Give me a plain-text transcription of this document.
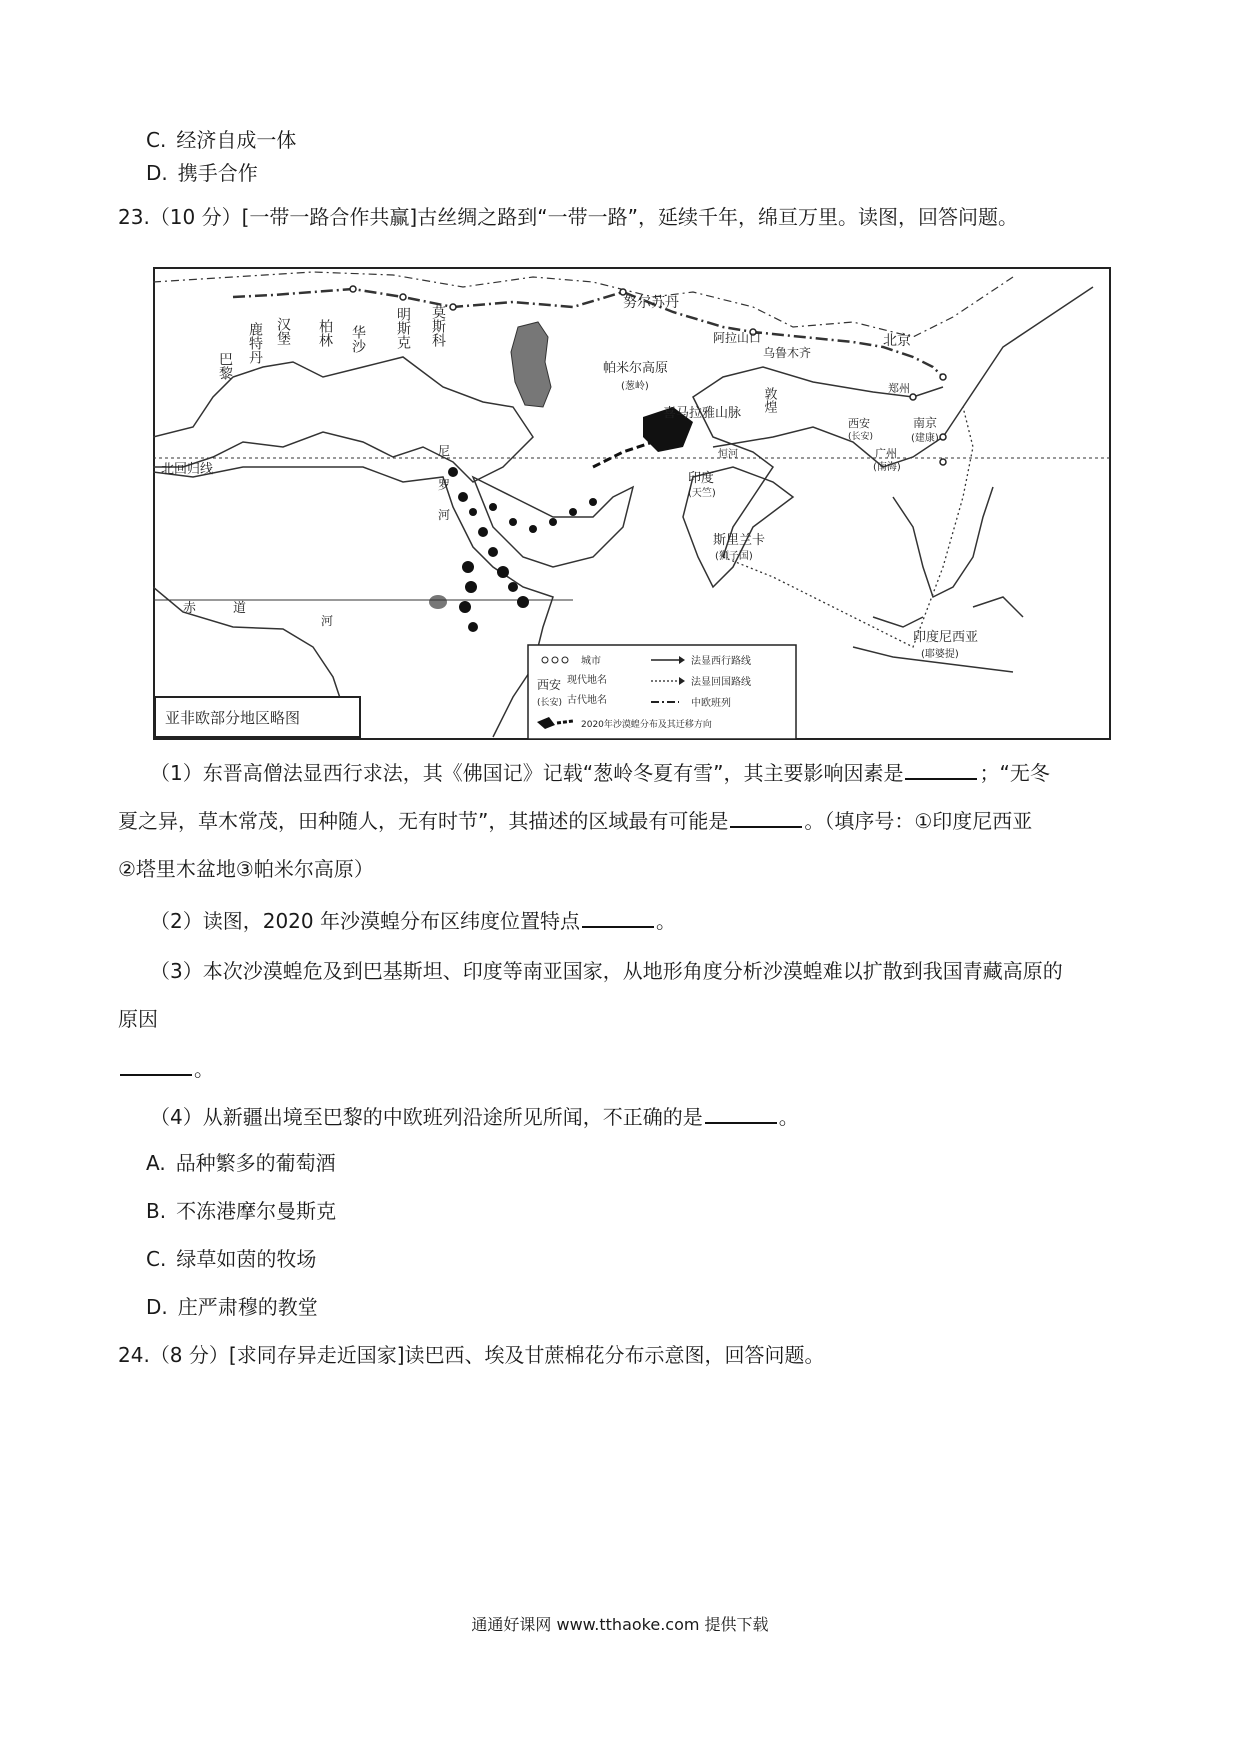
C. 经济自成一体
D. 携手合作
23.（10 分）[一带一路合作共赢]古丝绸之路到“一带一路”，延续千年，绵亘万里。读图，回答问题。
巴黎
鹿特丹 汉堡 柏林 华沙 明斯克 莫斯科
努尔苏丹
阿拉山口
乌鲁木齐
帕米尔高原
(葱岭)
敦煌
北京
郑州
西安
(长安)
南京
(建康)
广州
(南海)
喜马拉雅山脉
恒河
印度
(天竺)
斯里兰卡
(狮子国)
印度尼西亚
(耶婆提)
尼
罗
河
北回归线
赤	道
河
亚非欧部分地区略图
城市
西安
(长安)
现代地名
古代地名
法显西行路线
法显回国路线
中欧班列
2020年沙漠蝗分布及其迁移方向
（1）东晋高僧法显西行求法，其《佛国记》记载“葱岭冬夏有雪”，其主要影响因素是	；“无冬
夏之异，草木常茂，田种随人，无有时节”，其描述的区域最有可能是	。（填序号：①印度尼西亚
②塔里木盆地③帕米尔高原）
（2）读图，2020 年沙漠蝗分布区纬度位置特点	。
（3）本次沙漠蝗危及到巴基斯坦、印度等南亚国家，从地形角度分析沙漠蝗难以扩散到我国青藏高原的
原因
。
（4）从新疆出境至巴黎的中欧班列沿途所见所闻，不正确的是	。
A. 品种繁多的葡萄酒
B. 不冻港摩尔曼斯克
C. 绿草如茵的牧场
D. 庄严肃穆的教堂
24.（8 分）[求同存异走近国家]读巴西、埃及甘蔗棉花分布示意图，回答问题。
通通好课网 www.tthaoke.com 提供下载
